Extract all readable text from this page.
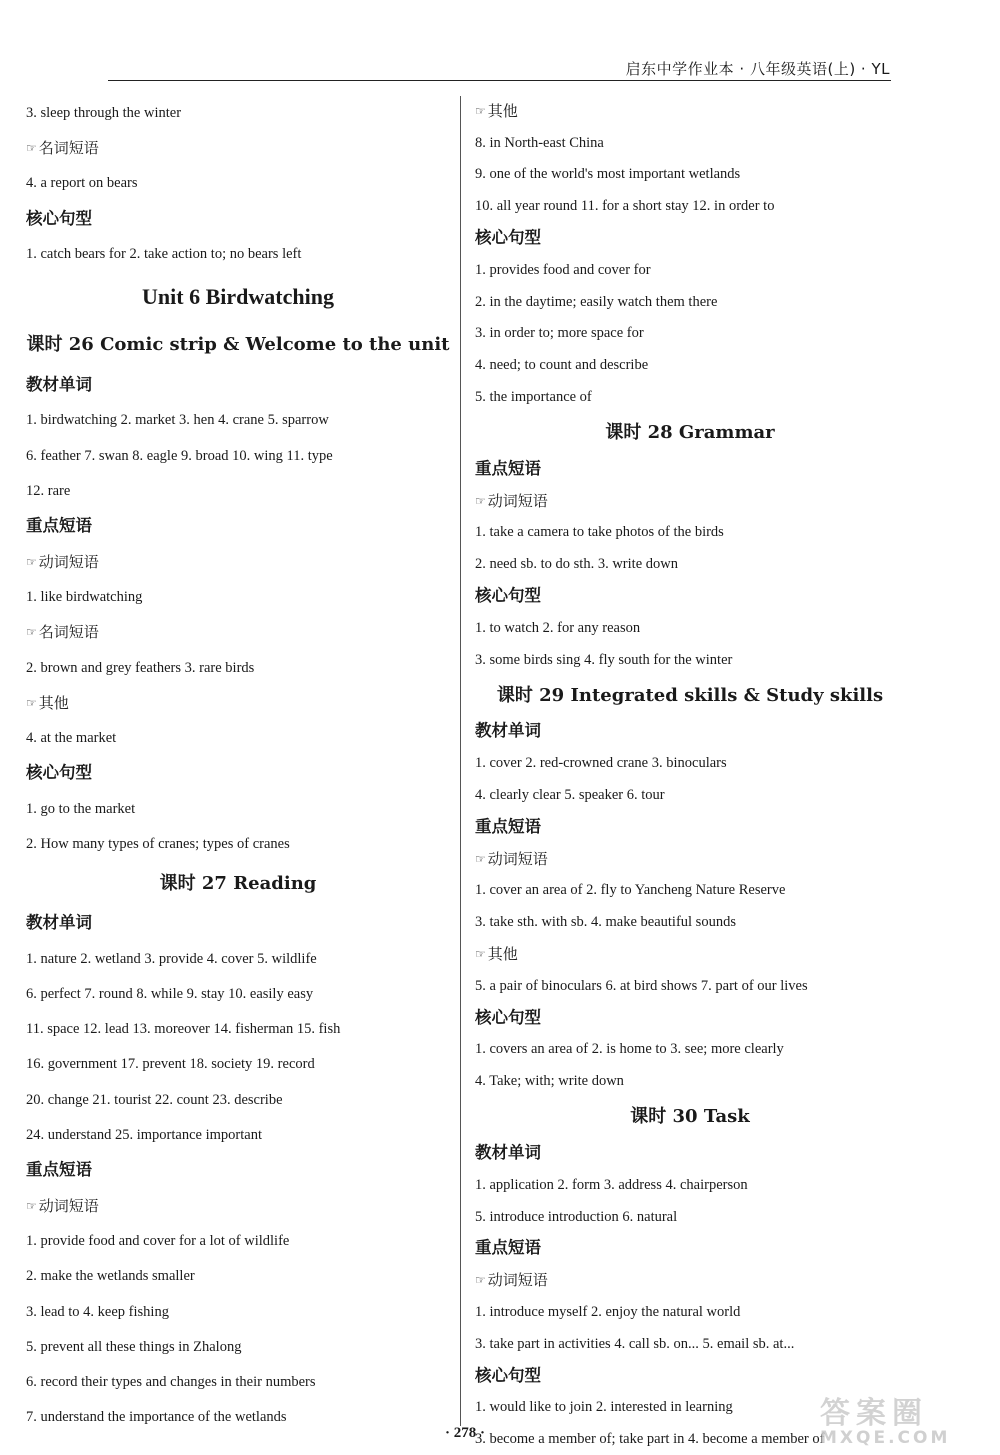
启东中学作业本 · 八年级英语(上) · YL
3. sleep through the winter
☞ 名词短语
4. a report on bears
核心句型
1. catch bears for 2. take action to; no bears left
Unit 6 Birdwatching
课时 26 Comic strip & Welcome to the unit
教材单词
1. birdwatching 2. market 3. hen 4. crane 5. sparrow
6. feather 7. swan 8. eagle 9. broad 10. wing 11. type
12. rare
重点短语
☞ 动词短语
1. like birdwatching
☞ 名词短语
2. brown and grey feathers 3. rare birds
☞ 其他
4. at the market
核心句型
1. go to the market
2. How many types of cranes; types of cranes
课时 27 Reading
教材单词
1. nature 2. wetland 3. provide 4. cover 5. wildlife
6. perfect 7. round 8. while 9. stay 10. easily easy
11. space 12. lead 13. moreover 14. fisherman 15. fish
16. government 17. prevent 18. society 19. record
20. change 21. tourist 22. count 23. describe
24. understand 25. importance important
重点短语
☞ 动词短语
1. provide food and cover for a lot of wildlife
2. make the wetlands smaller
3. lead to 4. keep fishing
5. prevent all these things in Zhalong
6. record their types and changes in their numbers
7. understand the importance of the wetlands
☞ 其他
8. in North-east China
9. one of the world's most important wetlands
10. all year round 11. for a short stay 12. in order to
核心句型
1. provides food and cover for
2. in the daytime; easily watch them there
3. in order to; more space for
4. need; to count and describe
5. the importance of
课时 28 Grammar
重点短语
☞ 动词短语
1. take a camera to take photos of the birds
2. need sb. to do sth. 3. write down
核心句型
1. to watch 2. for any reason
3. some birds sing 4. fly south for the winter
课时 29 Integrated skills & Study skills
教材单词
1. cover 2. red-crowned crane 3. binoculars
4. clearly clear 5. speaker 6. tour
重点短语
☞ 动词短语
1. cover an area of 2. fly to Yancheng Nature Reserve
3. take sth. with sb. 4. make beautiful sounds
☞ 其他
5. a pair of binoculars 6. at bird shows 7. part of our lives
核心句型
1. covers an area of 2. is home to 3. see; more clearly
4. Take; with; write down
课时 30 Task
教材单词
1. application 2. form 3. address 4. chairperson
5. introduce introduction 6. natural
重点短语
☞ 动词短语
1. introduce myself 2. enjoy the natural world
3. take part in activities 4. call sb. on... 5. email sb. at...
核心句型
1. would like to join 2. interested in learning
3. become a member of; take part in 4. become a member of
· 278 ·
答案圈
MXQE.COM
